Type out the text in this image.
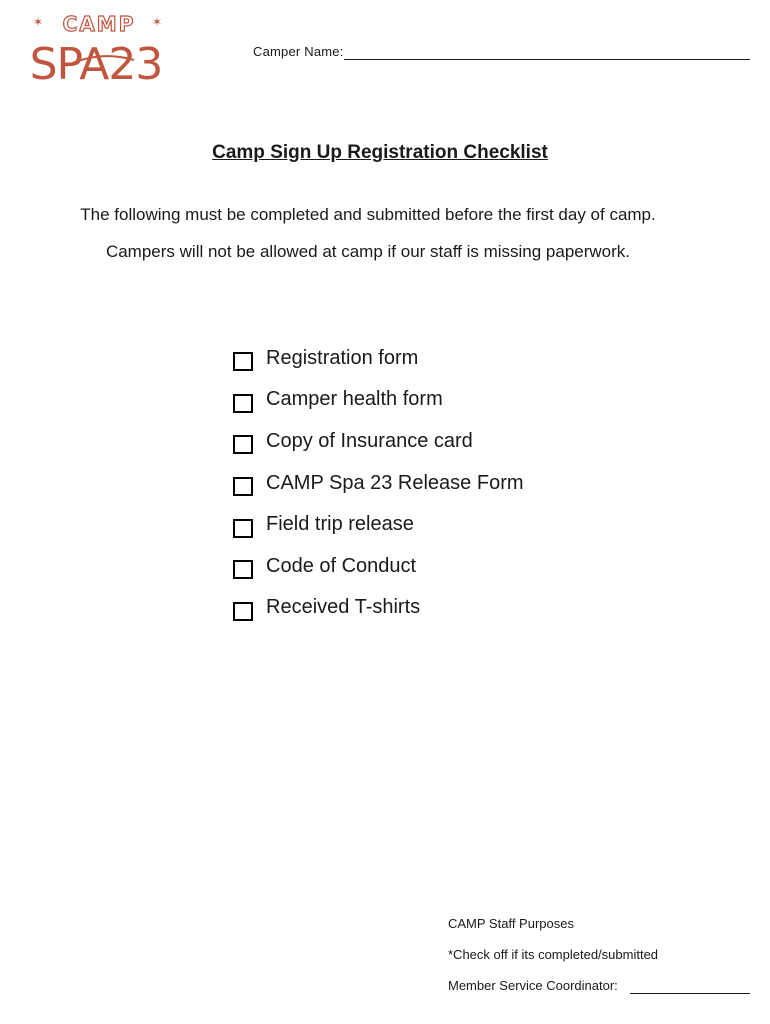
✶ CAMP ✶
SPA23	Camper Name:
Camp Sign Up Registration Checklist
The following must be completed and submitted before the first day of camp.
Campers will not be allowed at camp if our staff is missing paperwork.
Registration form
Camper health form
Copy of Insurance card
CAMP Spa 23 Release Form
Field trip release
Code of Conduct
Received T-shirts
CAMP Staff Purposes
*Check off if its completed/submitted
Member Service Coordinator:
